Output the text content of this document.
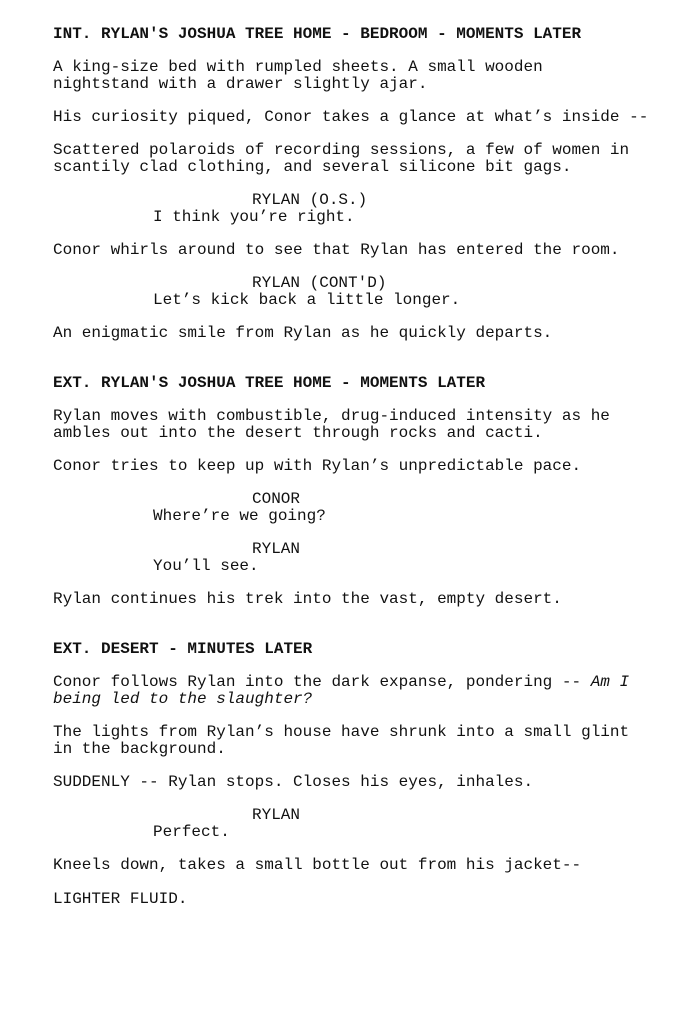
INT. RYLAN'S JOSHUA TREE HOME - BEDROOM - MOMENTS LATER
A king-size bed with rumpled sheets. A small wooden
nightstand with a drawer slightly ajar.
His curiosity piqued, Conor takes a glance at what’s inside --
Scattered polaroids of recording sessions, a few of women in
scantily clad clothing, and several silicone bit gags.
RYLAN (O.S.)
I think you’re right.
Conor whirls around to see that Rylan has entered the room.
RYLAN (CONT'D)
Let’s kick back a little longer.
An enigmatic smile from Rylan as he quickly departs.
EXT. RYLAN'S JOSHUA TREE HOME - MOMENTS LATER
Rylan moves with combustible, drug-induced intensity as he
ambles out into the desert through rocks and cacti.
Conor tries to keep up with Rylan’s unpredictable pace.
CONOR
Where’re we going?
RYLAN
You’ll see.
Rylan continues his trek into the vast, empty desert.
EXT. DESERT - MINUTES LATER
Conor follows Rylan into the dark expanse, pondering -- Am I
being led to the slaughter?
The lights from Rylan’s house have shrunk into a small glint
in the background.
SUDDENLY -- Rylan stops. Closes his eyes, inhales.
RYLAN
Perfect.
Kneels down, takes a small bottle out from his jacket--
LIGHTER FLUID.
